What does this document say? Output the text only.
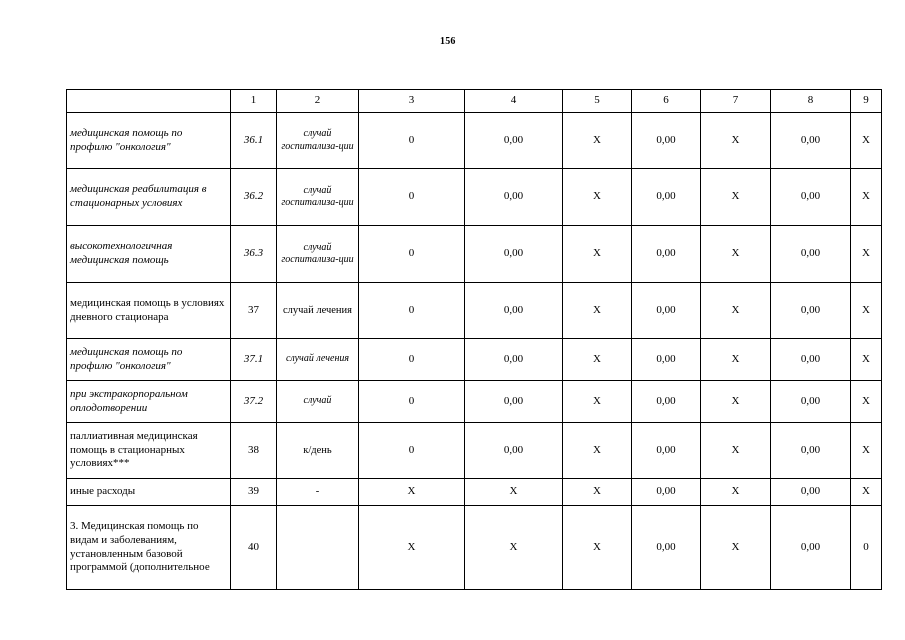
156
	1	2	3	4	5	6	7	8	9
медицинская помощь по профилю "онкология"	36.1	случай госпитализа-ции	0	0,00	Х	0,00	Х	0,00	Х
медицинская реабилитация в стационарных условиях	36.2	случай госпитализа-ции	0	0,00	Х	0,00	Х	0,00	Х
высокотехнологичная медицинская помощь	36.3	случай госпитализа-ции	0	0,00	Х	0,00	Х	0,00	Х
медицинская помощь в условиях дневного стационара	37	случай лечения	0	0,00	Х	0,00	Х	0,00	Х
медицинская помощь по профилю "онкология"	37.1	случай лечения	0	0,00	Х	0,00	Х	0,00	Х
при экстракорпоральном оплодотворении	37.2	случай	0	0,00	Х	0,00	Х	0,00	Х
паллиативная медицинская помощь в стационарных условиях***	38	к/день	0	0,00	Х	0,00	Х	0,00	Х
иные расходы	39	-	Х	Х	Х	0,00	Х	0,00	Х
3. Медицинская помощь по видам и заболеваниям, установленным базовой программой (дополнительное	40		Х	Х	Х	0,00	Х	0,00	0
